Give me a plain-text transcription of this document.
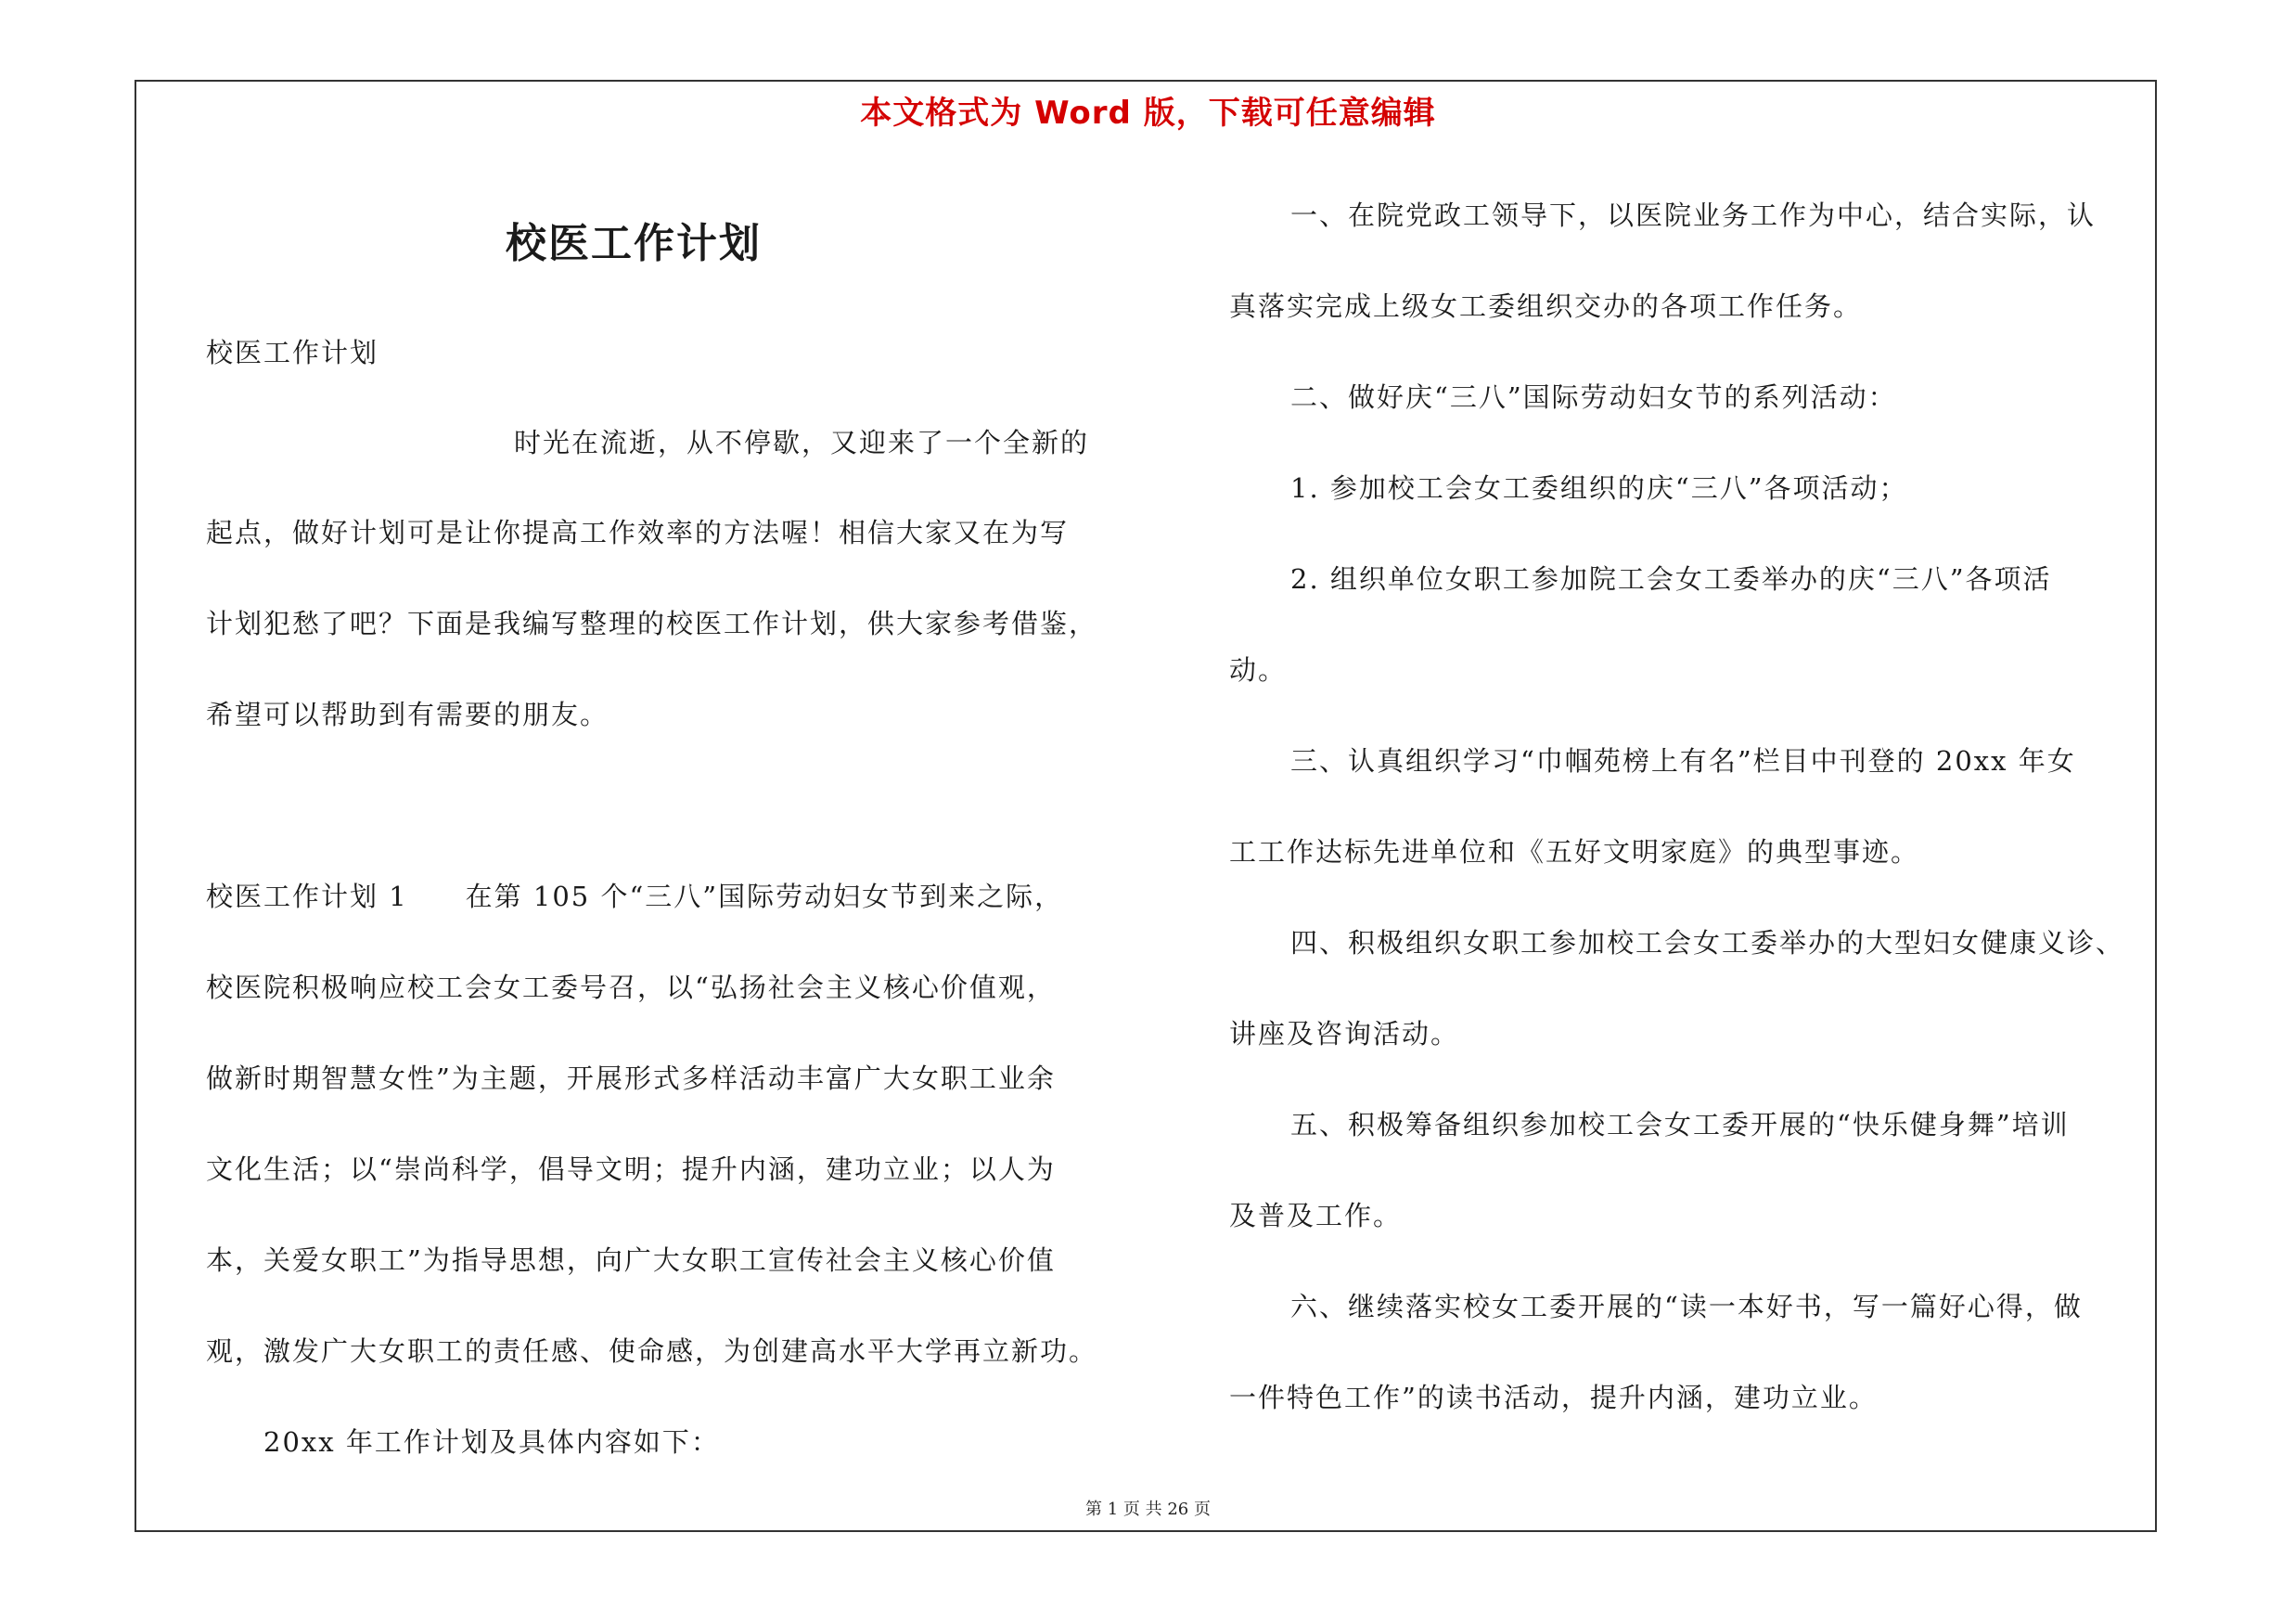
本文格式为 Word 版，下载可任意编辑
校医工作计划
校医工作计划
时光在流逝，从不停歇，又迎来了一个全新的
起点，做好计划可是让你提高工作效率的方法喔！相信大家又在为写
计划犯愁了吧？下面是我编写整理的校医工作计划，供大家参考借鉴，
希望可以帮助到有需要的朋友。
校医工作计划 1　　在第 105 个“三八”国际劳动妇女节到来之际，
校医院积极响应校工会女工委号召，以“弘扬社会主义核心价值观，
做新时期智慧女性”为主题，开展形式多样活动丰富广大女职工业余
文化生活；以“崇尚科学，倡导文明；提升内涵，建功立业；以人为
本，关爱女职工”为指导思想，向广大女职工宣传社会主义核心价值
观，激发广大女职工的责任感、使命感，为创建高水平大学再立新功。
20xx 年工作计划及具体内容如下：
一、在院党政工领导下，以医院业务工作为中心，结合实际，认
真落实完成上级女工委组织交办的各项工作任务。
二、做好庆“三八”国际劳动妇女节的系列活动：
1. 参加校工会女工委组织的庆“三八”各项活动；
2. 组织单位女职工参加院工会女工委举办的庆“三八”各项活
动。
三、认真组织学习“巾帼苑榜上有名”栏目中刊登的 20xx 年女
工工作达标先进单位和《五好文明家庭》的典型事迹。
四、积极组织女职工参加校工会女工委举办的大型妇女健康义诊、
讲座及咨询活动。
五、积极筹备组织参加校工会女工委开展的“快乐健身舞”培训
及普及工作。
六、继续落实校女工委开展的“读一本好书，写一篇好心得，做
一件特色工作”的读书活动，提升内涵，建功立业。
第 1 页 共 26 页
